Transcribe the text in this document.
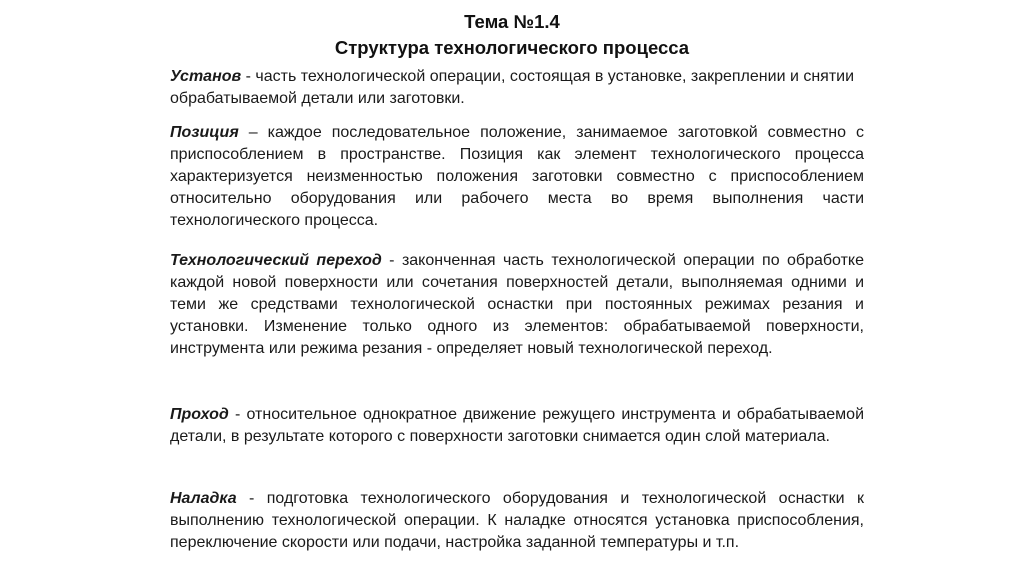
Тема №1.4
Структура технологического процесса

Установ - часть технологической операции, состоящая в установке, закреплении и снятии обрабатываемой детали или заготовки.

Позиция – каждое последовательное положение, занимаемое заготовкой совместно с приспособлением в пространстве. Позиция как элемент технологического процесса характеризуется неизменностью положения заготовки совместно с приспособлением относительно оборудования или рабочего места во время выполнения части технологического процесса.

Технологический переход - законченная часть технологической операции по обработке каждой новой поверхности или сочетания поверхностей детали, выполняемая одними и теми же средствами технологической оснастки при постоянных режимах резания и установки. Изменение только одного из элементов: обрабатываемой поверхности, инструмента или режима резания - определяет новый технологической переход.

Проход - относительное однократное движение режущего инструмента и обрабатываемой детали, в результате которого с поверхности заготовки снимается один слой материала.

Наладка - подготовка технологического оборудования и технологической оснастки к выполнению технологической операции. К наладке относятся установка приспособления, переключение скорости или подачи, настройка заданной температуры и т.п.
